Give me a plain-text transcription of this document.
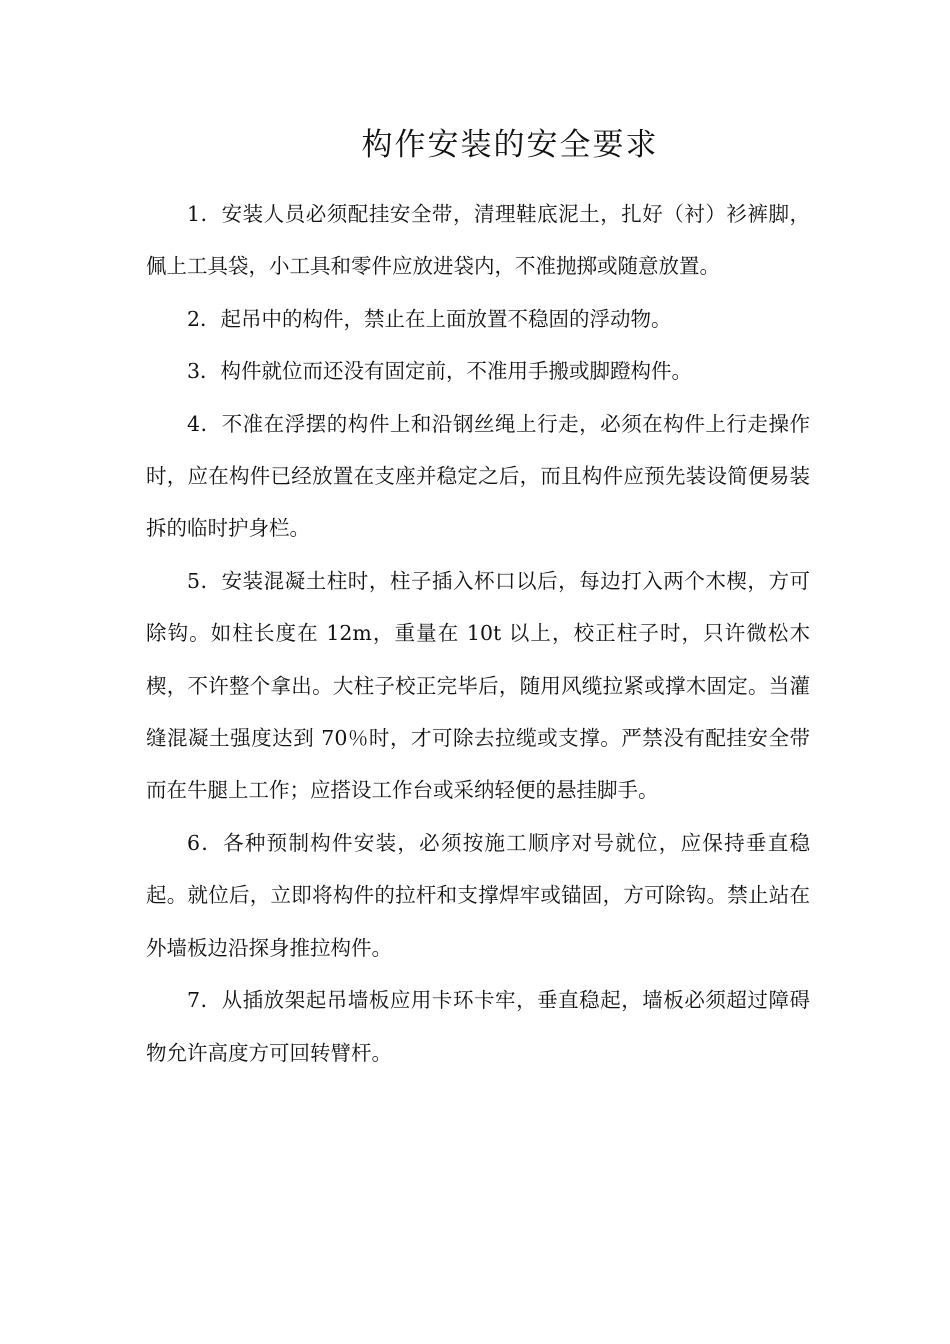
构作安装的安全要求

1．安装人员必须配挂安全带，清理鞋底泥土，扎好（衬）衫裤脚，佩上工具袋，小工具和零件应放进袋内，不准抛掷或随意放置。

2．起吊中的构件，禁止在上面放置不稳固的浮动物。

3．构件就位而还没有固定前，不准用手搬或脚蹬构件。

4．不准在浮摆的构件上和沿钢丝绳上行走，必须在构件上行走操作时，应在构件已经放置在支座并稳定之后，而且构件应预先装设简便易装拆的临时护身栏。

5．安装混凝土柱时，柱子插入杯口以后，每边打入两个木楔，方可除钩。如柱长度在 12m，重量在 10t 以上，校正柱子时，只许微松木楔，不许整个拿出。大柱子校正完毕后，随用风缆拉紧或撑木固定。当灌缝混凝土强度达到 70％时，才可除去拉缆或支撑。严禁没有配挂安全带而在牛腿上工作；应搭设工作台或采纳轻便的悬挂脚手。

6．各种预制构件安装，必须按施工顺序对号就位，应保持垂直稳起。就位后，立即将构件的拉杆和支撑焊牢或锚固，方可除钩。禁止站在外墙板边沿探身推拉构件。

7．从插放架起吊墙板应用卡环卡牢，垂直稳起，墙板必须超过障碍物允许高度方可回转臂杆。
